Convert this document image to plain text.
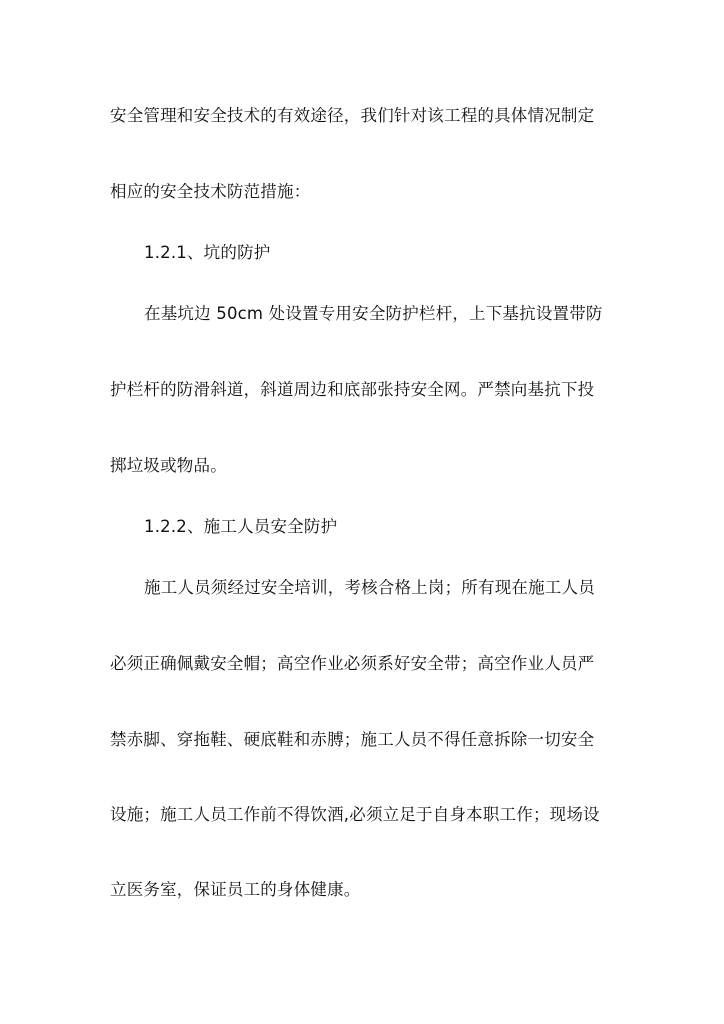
安全管理和安全技术的有效途径，我们针对该工程的具体情况制定
相应的安全技术防范措施：
1.2.1、坑的防护
在基坑边 50cm 处设置专用安全防护栏杆，上下基抗设置带防
护栏杆的防滑斜道，斜道周边和底部张持安全网。严禁向基抗下投
掷垃圾或物品。
1.2.2、施工人员安全防护
施工人员须经过安全培训，考核合格上岗；所有现在施工人员
必须正确佩戴安全帽；高空作业必须系好安全带；高空作业人员严
禁赤脚、穿拖鞋、硬底鞋和赤膊；施工人员不得任意拆除一切安全
设施；施工人员工作前不得饮酒,必须立足于自身本职工作；现场设
立医务室，保证员工的身体健康。
